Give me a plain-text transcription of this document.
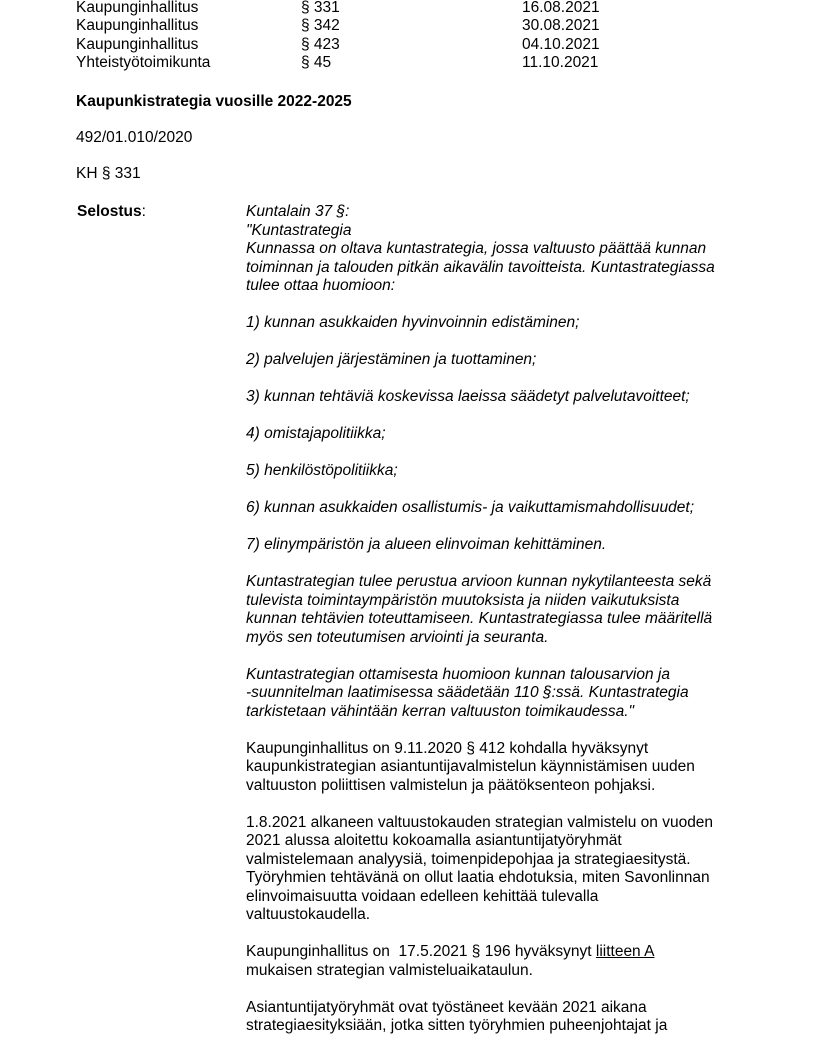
Kaupunginhallitus	§ 331	16.08.2021
Kaupunginhallitus	§ 342	30.08.2021
Kaupunginhallitus	§ 423	04.10.2021
Yhteistyötoimikunta	§ 45	11.10.2021
Kaupunkistrategia vuosille 2022-2025
492/01.010/2020
KH § 331
Selostus:	Kuntalain 37 §:

"Kuntastrategia

Kunnassa on oltava kuntastrategia, jossa valtuusto päättää kunnan

toiminnan ja talouden pitkän aikavälin tavoitteista. Kuntastrategiassa

tulee ottaa huomioon:

1) kunnan asukkaiden hyvinvoinnin edistäminen;

2) palvelujen järjestäminen ja tuottaminen;

3) kunnan tehtäviä koskevissa laeissa säädetyt palvelutavoitteet;

4) omistajapolitiikka;

5) henkilöstöpolitiikka;

6) kunnan asukkaiden osallistumis- ja vaikuttamismahdollisuudet;

7) elinympäristön ja alueen elinvoiman kehittäminen.

Kuntastrategian tulee perustua arvioon kunnan nykytilanteesta sekä

tulevista toimintaympäristön muutoksista ja niiden vaikutuksista

kunnan tehtävien toteuttamiseen. Kuntastrategiassa tulee määritellä

myös sen toteutumisen arviointi ja seuranta.

Kuntastrategian ottamisesta huomioon kunnan talousarvion ja

-suunnitelman laatimisessa säädetään 110 §:ssä. Kuntastrategia

tarkistetaan vähintään kerran valtuuston toimikaudessa."

Kaupunginhallitus on 9.11.2020 § 412 kohdalla hyväksynyt

kaupunkistrategian asiantuntijavalmistelun käynnistämisen uuden

valtuuston poliittisen valmistelun ja päätöksenteon pohjaksi.

1.8.2021 alkaneen valtuustokauden strategian valmistelu on vuoden

2021 alussa aloitettu kokoamalla asiantuntijatyöryhmät

valmistelemaan analyysiä, toimenpidepohjaa ja strategiaesitystä.

Työryhmien tehtävänä on ollut laatia ehdotuksia, miten Savonlinnan

elinvoimaisuutta voidaan edelleen kehittää tulevalla

valtuustokaudella.

Kaupunginhallitus on  17.5.2021 § 196 hyväksynyt liitteen A

mukaisen strategian valmisteluaikataulun.

Asiantuntijatyöryhmät ovat työstäneet kevään 2021 aikana

strategiaesityksiään, jotka sitten työryhmien puheenjohtajat ja
